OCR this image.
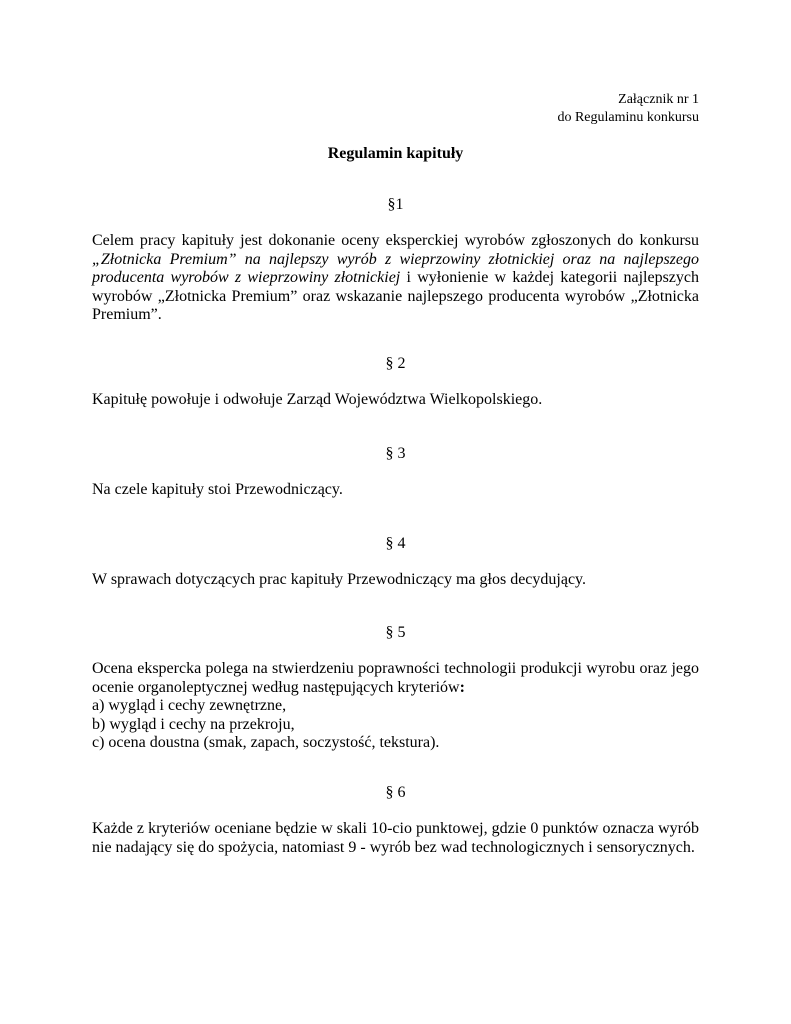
Załącznik nr 1
do Regulaminu konkursu
Regulamin kapituły
§1
Celem pracy kapituły jest dokonanie oceny eksperckiej wyrobów zgłoszonych do konkursu
„Złotnicka Premium” na najlepszy wyrób z wieprzowiny złotnickiej oraz na najlepszego
producenta wyrobów z wieprzowiny złotnickiej i wyłonienie w każdej kategorii najlepszych
wyrobów „Złotnicka Premium” oraz wskazanie najlepszego producenta wyrobów „Złotnicka
Premium”.
§ 2
Kapitułę powołuje i odwołuje Zarząd Województwa Wielkopolskiego.
§ 3
Na czele kapituły stoi Przewodniczący.
§ 4
W sprawach dotyczących prac kapituły Przewodniczący ma głos decydujący.
§ 5
Ocena ekspercka polega na stwierdzeniu poprawności technologii produkcji wyrobu oraz jego
ocenie organoleptycznej według następujących kryteriów:
a) wygląd i cechy zewnętrzne,
b) wygląd i cechy na przekroju,
c) ocena doustna (smak, zapach, soczystość, tekstura).
§ 6
Każde z kryteriów oceniane będzie w skali 10-cio punktowej, gdzie 0 punktów oznacza wyrób
nie nadający się do spożycia, natomiast 9 - wyrób bez wad technologicznych i sensorycznych.
